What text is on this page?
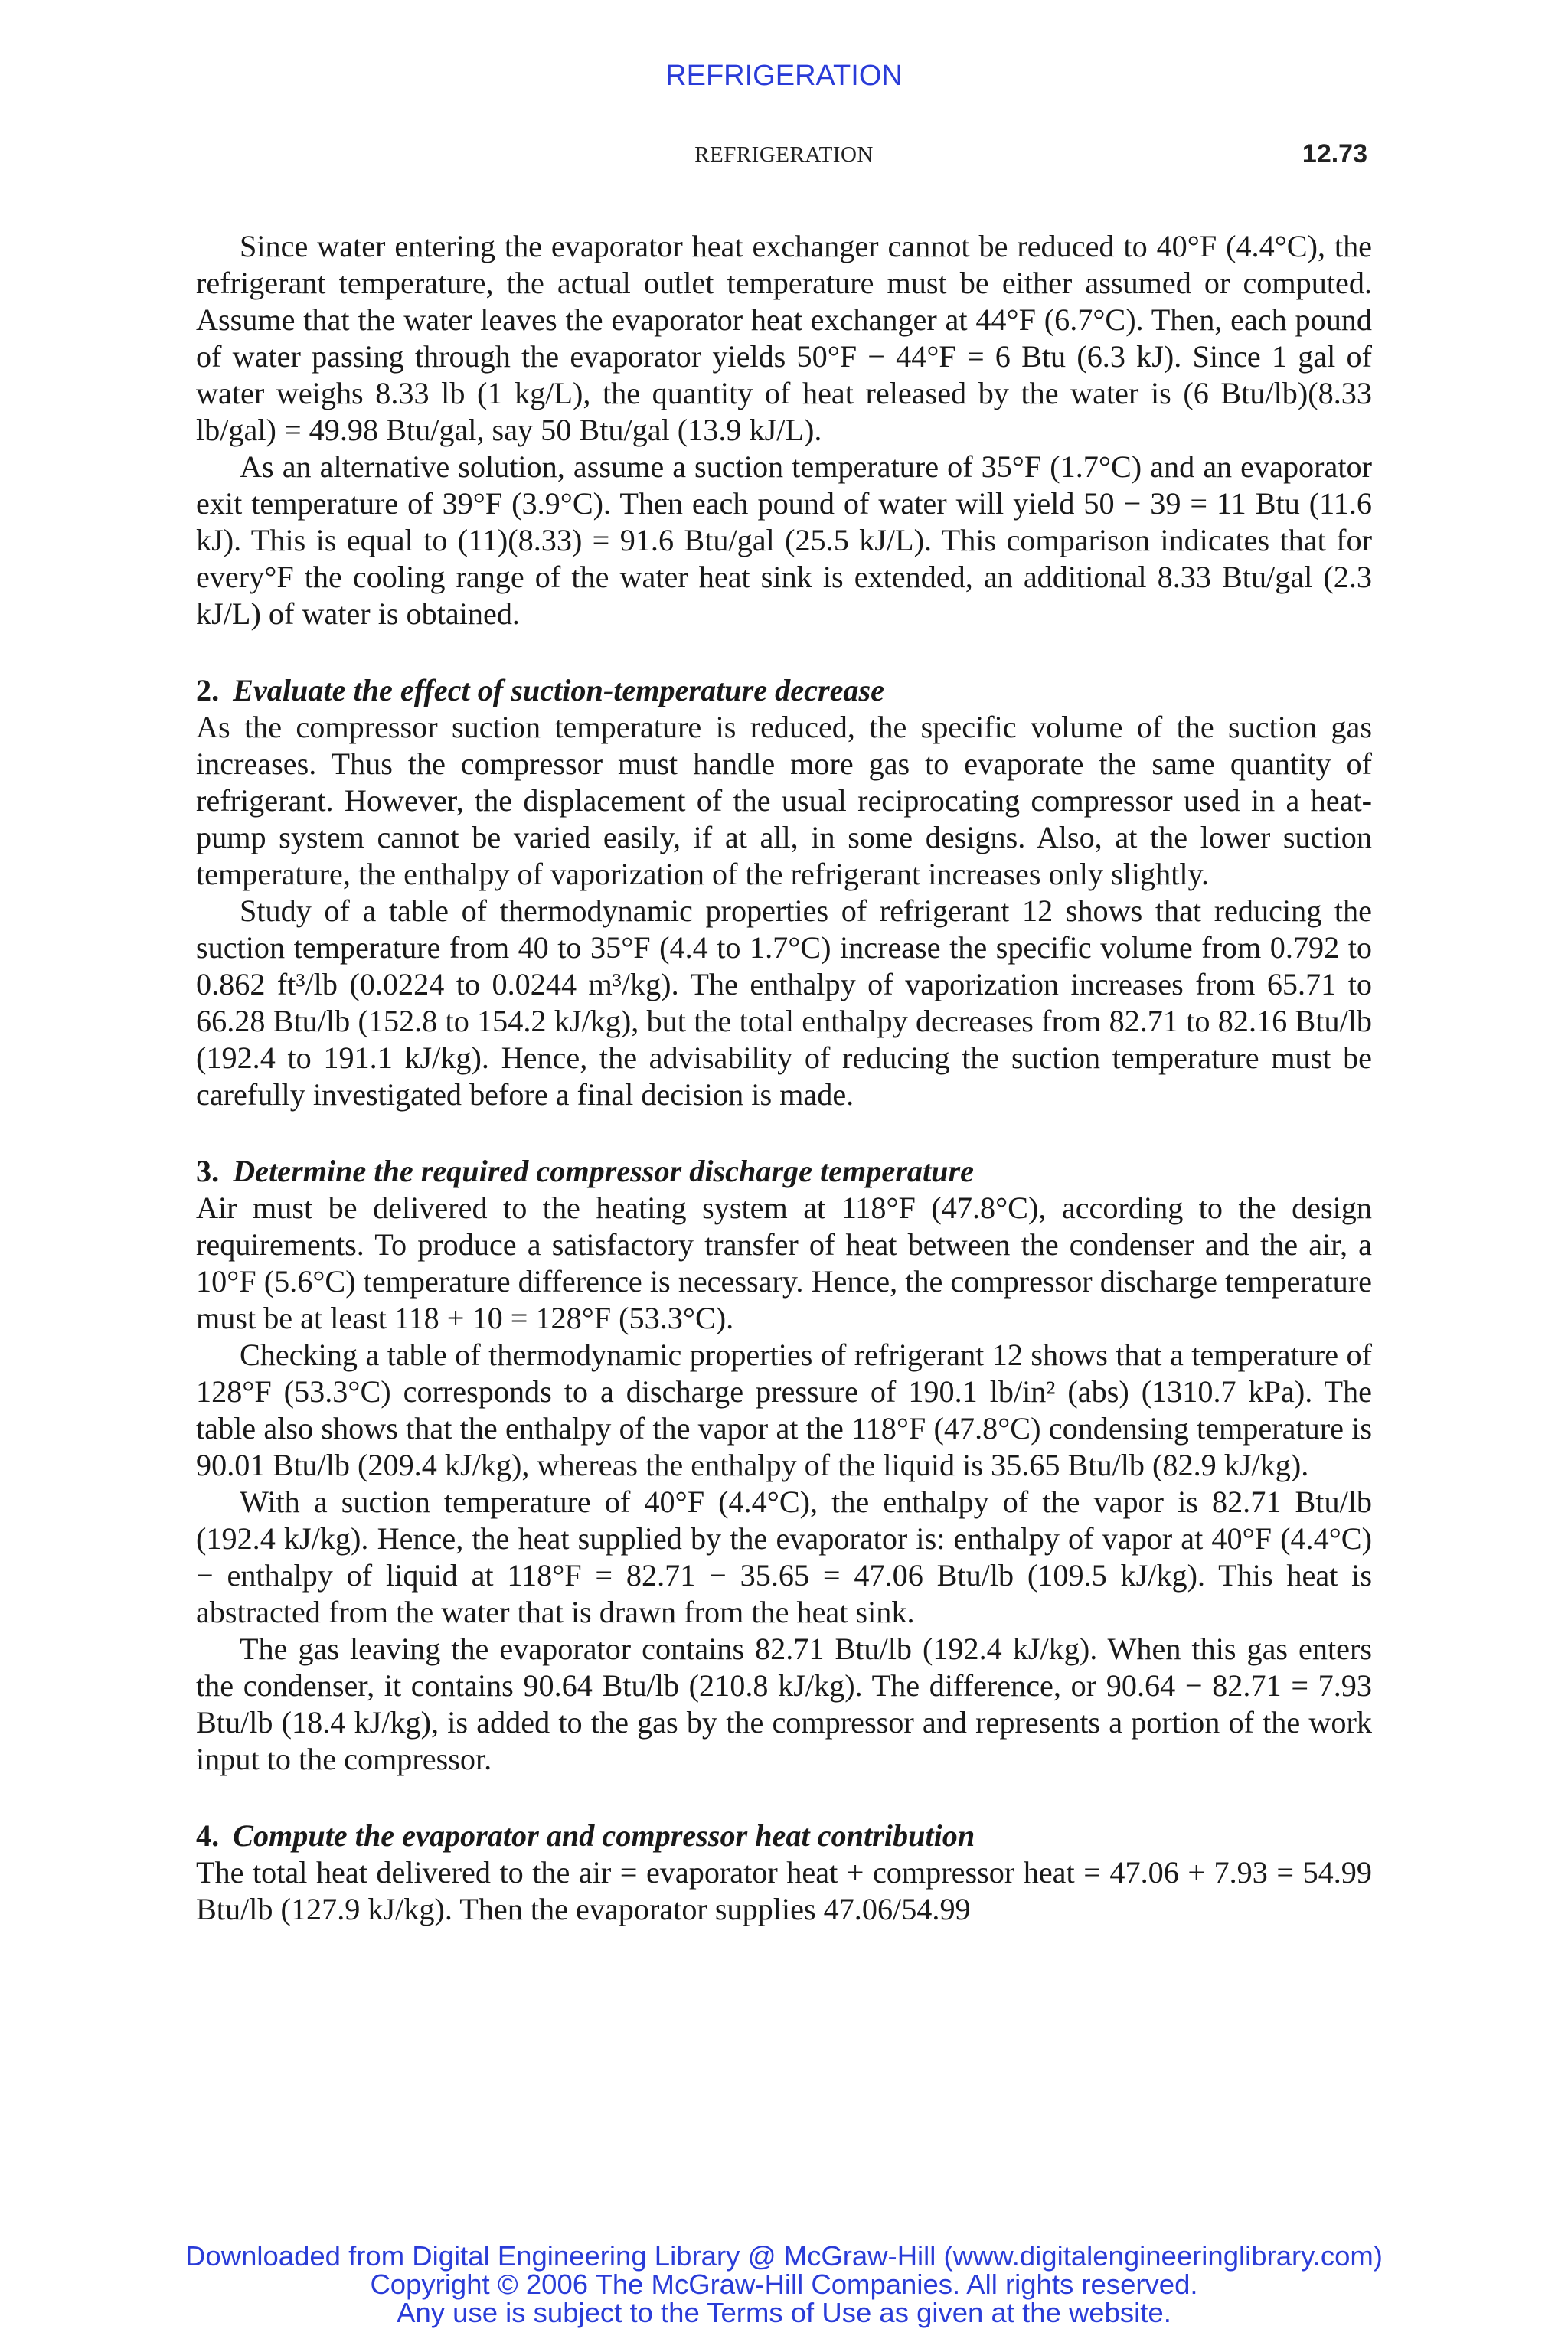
REFRIGERATION
REFRIGERATION	12.73

Since water entering the evaporator heat exchanger cannot be reduced to 40°F (4.4°C), the refrigerant temperature, the actual outlet temperature must be either assumed or computed. Assume that the water leaves the evaporator heat exchanger at 44°F (6.7°C). Then, each pound of water passing through the evaporator yields 50°F − 44°F = 6 Btu (6.3 kJ). Since 1 gal of water weighs 8.33 lb (1 kg/L), the quantity of heat released by the water is (6 Btu/lb)(8.33 lb/gal) = 49.98 Btu/gal, say 50 Btu/gal (13.9 kJ/L).

As an alternative solution, assume a suction temperature of 35°F (1.7°C) and an evaporator exit temperature of 39°F (3.9°C). Then each pound of water will yield 50 − 39 = 11 Btu (11.6 kJ). This is equal to (11)(8.33) = 91.6 Btu/gal (25.5 kJ/L). This comparison indicates that for every°F the cooling range of the water heat sink is extended, an additional 8.33 Btu/gal (2.3 kJ/L) of water is obtained.

2. Evaluate the effect of suction-temperature decrease

As the compressor suction temperature is reduced, the specific volume of the suction gas increases. Thus the compressor must handle more gas to evaporate the same quantity of refrigerant. However, the displacement of the usual reciprocating compressor used in a heat-pump system cannot be varied easily, if at all, in some designs. Also, at the lower suction temperature, the enthalpy of vaporization of the refrigerant increases only slightly.

Study of a table of thermodynamic properties of refrigerant 12 shows that reducing the suction temperature from 40 to 35°F (4.4 to 1.7°C) increase the specific volume from 0.792 to 0.862 ft³/lb (0.0224 to 0.0244 m³/kg). The enthalpy of vaporization increases from 65.71 to 66.28 Btu/lb (152.8 to 154.2 kJ/kg), but the total enthalpy decreases from 82.71 to 82.16 Btu/lb (192.4 to 191.1 kJ/kg). Hence, the advisability of reducing the suction temperature must be carefully investigated before a final decision is made.

3. Determine the required compressor discharge temperature

Air must be delivered to the heating system at 118°F (47.8°C), according to the design requirements. To produce a satisfactory transfer of heat between the condenser and the air, a 10°F (5.6°C) temperature difference is necessary. Hence, the compressor discharge temperature must be at least 118 + 10 = 128°F (53.3°C).

Checking a table of thermodynamic properties of refrigerant 12 shows that a temperature of 128°F (53.3°C) corresponds to a discharge pressure of 190.1 lb/in² (abs) (1310.7 kPa). The table also shows that the enthalpy of the vapor at the 118°F (47.8°C) condensing temperature is 90.01 Btu/lb (209.4 kJ/kg), whereas the enthalpy of the liquid is 35.65 Btu/lb (82.9 kJ/kg).

With a suction temperature of 40°F (4.4°C), the enthalpy of the vapor is 82.71 Btu/lb (192.4 kJ/kg). Hence, the heat supplied by the evaporator is: enthalpy of vapor at 40°F (4.4°C) − enthalpy of liquid at 118°F = 82.71 − 35.65 = 47.06 Btu/lb (109.5 kJ/kg). This heat is abstracted from the water that is drawn from the heat sink.

The gas leaving the evaporator contains 82.71 Btu/lb (192.4 kJ/kg). When this gas enters the condenser, it contains 90.64 Btu/lb (210.8 kJ/kg). The difference, or 90.64 − 82.71 = 7.93 Btu/lb (18.4 kJ/kg), is added to the gas by the compressor and represents a portion of the work input to the compressor.

4. Compute the evaporator and compressor heat contribution

The total heat delivered to the air = evaporator heat + compressor heat = 47.06 + 7.93 = 54.99 Btu/lb (127.9 kJ/kg). Then the evaporator supplies 47.06/54.99

Downloaded from Digital Engineering Library @ McGraw-Hill (www.digitalengineeringlibrary.com)
Copyright © 2006 The McGraw-Hill Companies. All rights reserved.
Any use is subject to the Terms of Use as given at the website.
